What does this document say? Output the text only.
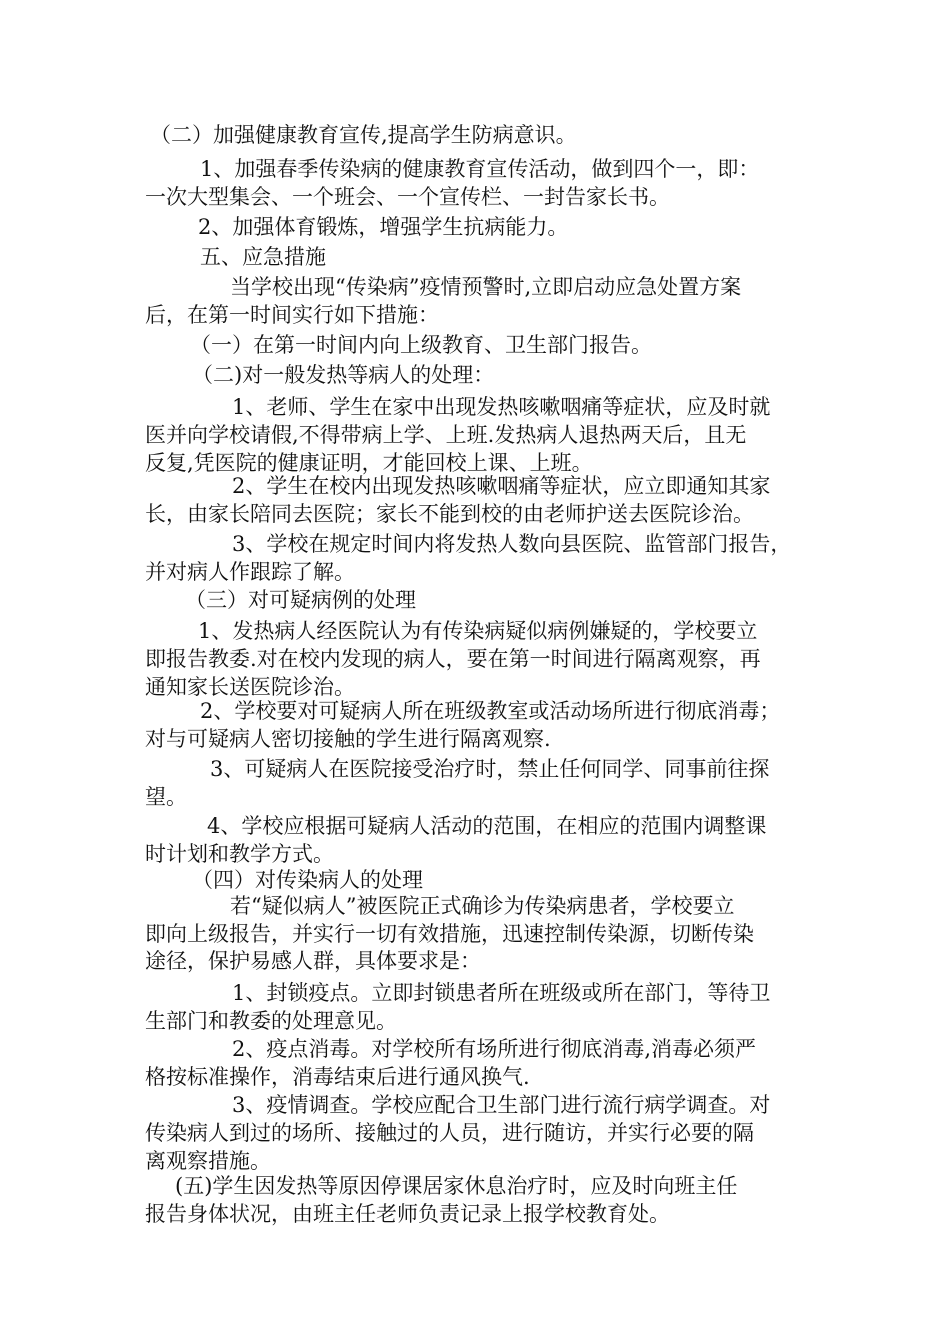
（二）加强健康教育宣传,提高学生防病意识。

1、加强春季传染病的健康教育宣传活动，做到四个一，即：

一次大型集会、一个班会、一个宣传栏、一封告家长书。

2、加强体育锻炼，增强学生抗病能力。

五、应急措施

当学校出现“传染病”疫情预警时,立即启动应急处置方案

后，在第一时间实行如下措施：

（一）在第一时间内向上级教育、卫生部门报告。

（二)对一般发热等病人的处理：

1、老师、学生在家中出现发热咳嗽咽痛等症状，应及时就

医并向学校请假,不得带病上学、上班.发热病人退热两天后，且无

反复,凭医院的健康证明，才能回校上课、上班。

2、学生在校内出现发热咳嗽咽痛等症状，应立即通知其家

长，由家长陪同去医院；家长不能到校的由老师护送去医院诊治。

3、学校在规定时间内将发热人数向县医院、监管部门报告，

并对病人作跟踪了解。

（三）对可疑病例的处理

1、发热病人经医院认为有传染病疑似病例嫌疑的，学校要立

即报告教委.对在校内发现的病人，要在第一时间进行隔离观察，再

通知家长送医院诊治。

2、学校要对可疑病人所在班级教室或活动场所进行彻底消毒；

对与可疑病人密切接触的学生进行隔离观察.

3、可疑病人在医院接受治疗时，禁止任何同学、同事前往探

望。

4、学校应根据可疑病人活动的范围，在相应的范围内调整课

时计划和教学方式。

（四）对传染病人的处理

若“疑似病人”被医院正式确诊为传染病患者，学校要立

即向上级报告，并实行一切有效措施，迅速控制传染源，切断传染

途径，保护易感人群，具体要求是：

1、封锁疫点。立即封锁患者所在班级或所在部门，等待卫

生部门和教委的处理意见。

2、疫点消毒。对学校所有场所进行彻底消毒,消毒必须严

格按标准操作，消毒结束后进行通风换气.

3、疫情调查。学校应配合卫生部门进行流行病学调查。对

传染病人到过的场所、接触过的人员，进行随访，并实行必要的隔

离观察措施。

(五)学生因发热等原因停课居家休息治疗时，应及时向班主任

报告身体状况，由班主任老师负责记录上报学校教育处。
